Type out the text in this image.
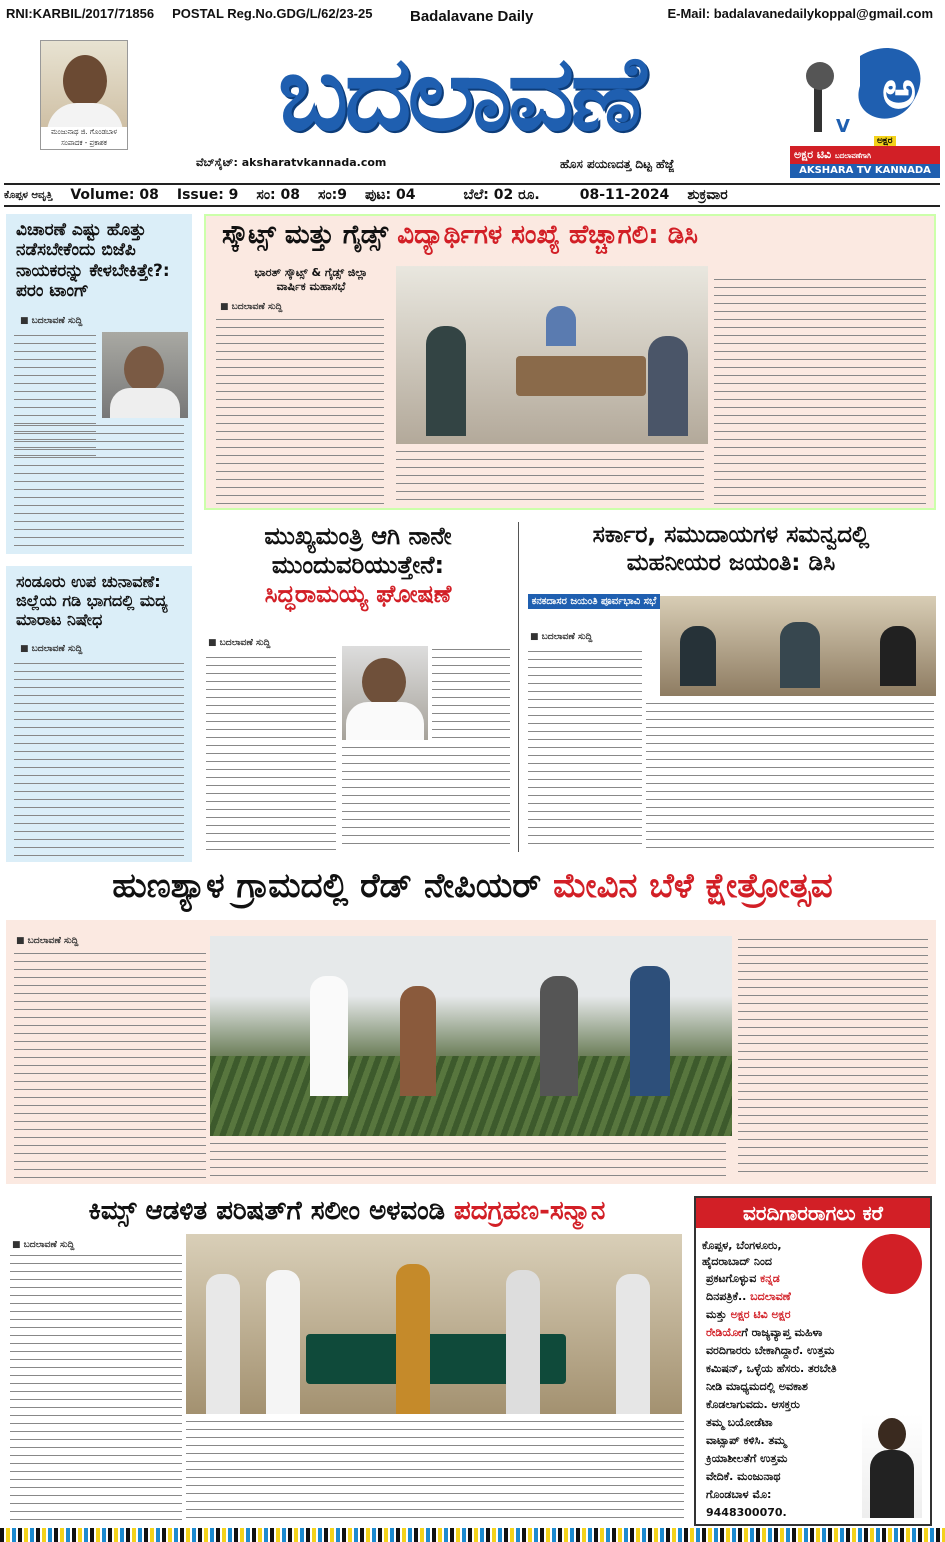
RNI:KARBIL/2017/71856 POSTAL Reg.No.GDG/L/62/23-25	Badalavane Daily	E-Mail: badalavanedailykoppal@gmail.com
ಮಂಜುನಾಥ ಜಿ. ಗೊಂಡಬಾಳ
ಸಂಪಾದಕ - ಪ್ರಕಾಶಕ	ಬದಲಾವಣೆ
ವೆಬ್‌ಸೈಟ್: aksharatvkannada.com	ಹೊಸ ಪಯಣದತ್ತ ದಿಟ್ಟ ಹೆಜ್ಜೆ
ಅ
V
ಅಕ್ಷರ
ಅಕ್ಷರ ಟಿವಿ ಬದಲಾವಣೆಗಾಗಿ
AKSHARA TV KANNADA
ಕೊಪ್ಪಳ ಆವೃತ್ತಿ Volume: 08 Issue: 9 ಸಂ: 08 ಸಂ:9 ಪುಟ: 04	ಬೆಲೆ: 02 ರೂ.	08-11-2024 ಶುಕ್ರವಾರ
ವಿಚಾರಣೆ ಎಷ್ಟು ಹೊತ್ತು ನಡೆಸಬೇಕೆಂದು ಬಿಜೆಪಿ ನಾಯಕರನ್ನು ಕೇಳಬೇಕಿತ್ತೇ?: ಪರಂ ಟಾಂಗ್
■ ಬದಲಾವಣೆ ಸುದ್ದಿ
ಸ್ಕೌಟ್ಸ್ ಮತ್ತು ಗೈಡ್ಸ್ ವಿದ್ಯಾರ್ಥಿಗಳ ಸಂಖ್ಯೆ ಹೆಚ್ಚಾಗಲಿ: ಡಿಸಿ
ಭಾರತ್ ಸ್ಕೌಟ್ಸ್ & ಗೈಡ್ಸ್ ಜಿಲ್ಲಾ ವಾರ್ಷಿಕ ಮಹಾಸಭೆ
■ ಬದಲಾವಣೆ ಸುದ್ದಿ
ಸಂಡೂರು ಉಪ ಚುನಾವಣೆ: ಜಿಲ್ಲೆಯ ಗಡಿ ಭಾಗದಲ್ಲಿ ಮದ್ಯ ಮಾರಾಟ ನಿಷೇಧ
■ ಬದಲಾವಣೆ ಸುದ್ದಿ
ಮುಖ್ಯಮಂತ್ರಿ ಆಗಿ ನಾನೇ
ಮುಂದುವರಿಯುತ್ತೇನೆ:
ಸಿದ್ಧರಾಮಯ್ಯ ಘೋಷಣೆ
■ ಬದಲಾವಣೆ ಸುದ್ದಿ
ಸರ್ಕಾರ, ಸಮುದಾಯಗಳ ಸಮನ್ವದಲ್ಲಿ
ಮಹನೀಯರ ಜಯಂತಿ: ಡಿಸಿ
ಕನಕದಾಸರ ಜಯಂತಿ ಪೂರ್ವಭಾವಿ ಸಭೆ
■ ಬದಲಾವಣೆ ಸುದ್ದಿ
ಹುಣಶ್ಯಾಳ ಗ್ರಾಮದಲ್ಲಿ ರೆಡ್ ನೇಪಿಯರ್ ಮೇವಿನ ಬೆಳೆ ಕ್ಷೇತ್ರೋತ್ಸವ
■ ಬದಲಾವಣೆ ಸುದ್ದಿ
ಕಿಮ್ಸ್ ಆಡಳಿತ ಪರಿಷತ್‌ಗೆ ಸಲೀಂ ಅಳವಂಡಿ ಪದಗ್ರಹಣ-ಸನ್ಮಾನ
■ ಬದಲಾವಣೆ ಸುದ್ದಿ
ವರದಿಗಾರರಾಗಲು ಕರೆ
ಕೊಪ್ಪಳ, ಬೆಂಗಳೂರು,
ಹೈದರಾಬಾದ್ ನಿಂದ
ಪ್ರಕಟಗೊಳ್ಳುವ ಕನ್ನಡ
ದಿನಪತ್ರಿಕೆ.. ಬದಲಾವಣೆ
ಮತ್ತು ಅಕ್ಷರ ಟಿವಿ ಅಕ್ಷರ
ರೇಡಿಯೋಗೆ ರಾಜ್ಯವ್ಯಾಪ್ತ ಮಹಿಳಾ
ವರದಿಗಾರರು ಬೇಕಾಗಿದ್ದಾರೆ. ಉತ್ತಮ
ಕಮಿಷನ್, ಒಳ್ಳೆಯ ಹೆಸರು. ತರಬೇತಿ
ನೀಡಿ ಮಾಧ್ಯಮದಲ್ಲಿ ಅವಕಾಶ
ಕೊಡಲಾಗುವದು. ಆಸಕ್ತರು
ತಮ್ಮ ಬಯೋಡೆಟಾ
ವಾಟ್ಸಾಪ್ ಕಳಿಸಿ. ತಮ್ಮ
ಕ್ರಿಯಾಶೀಲತೆಗೆ ಉತ್ತಮ
ವೇದಿಕೆ. ಮಂಜುನಾಥ
ಗೊಂಡಬಾಳ ಮೊ:
9448300070.
